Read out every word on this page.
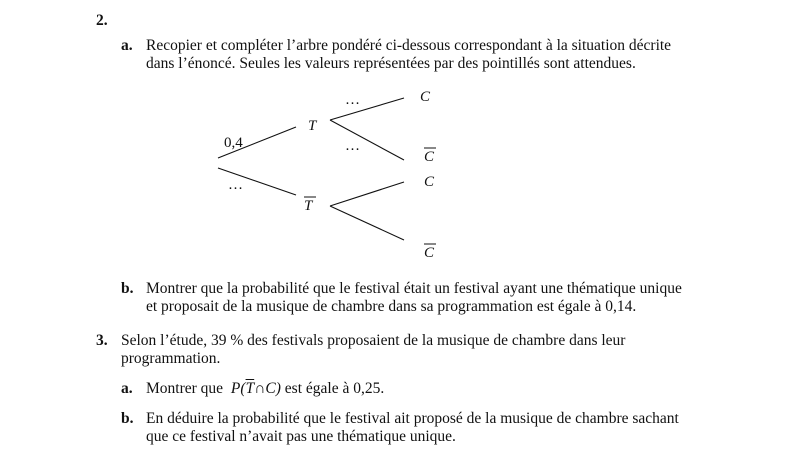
2.
a. Recopier et compléter l’arbre pondéré ci-dessous correspondant à la situation décrite
dans l’énoncé. Seules les valeurs représentées par des pointillés sont attendues.
0,4
…
…
…
T
T
C
C
C
C
b. Montrer que la probabilité que le festival était un festival ayant une thématique unique
et proposait de la musique de chambre dans sa programmation est égale à 0,14.
3. Selon l’étude, 39 % des festivals proposaient de la musique de chambre dans leur
programmation.
a. Montrer que $P(\overline{T}\cap C)$ est égale à 0,25.
b. En déduire la probabilité que le festival ait proposé de la musique de chambre sachant
que ce festival n’avait pas une thématique unique.
